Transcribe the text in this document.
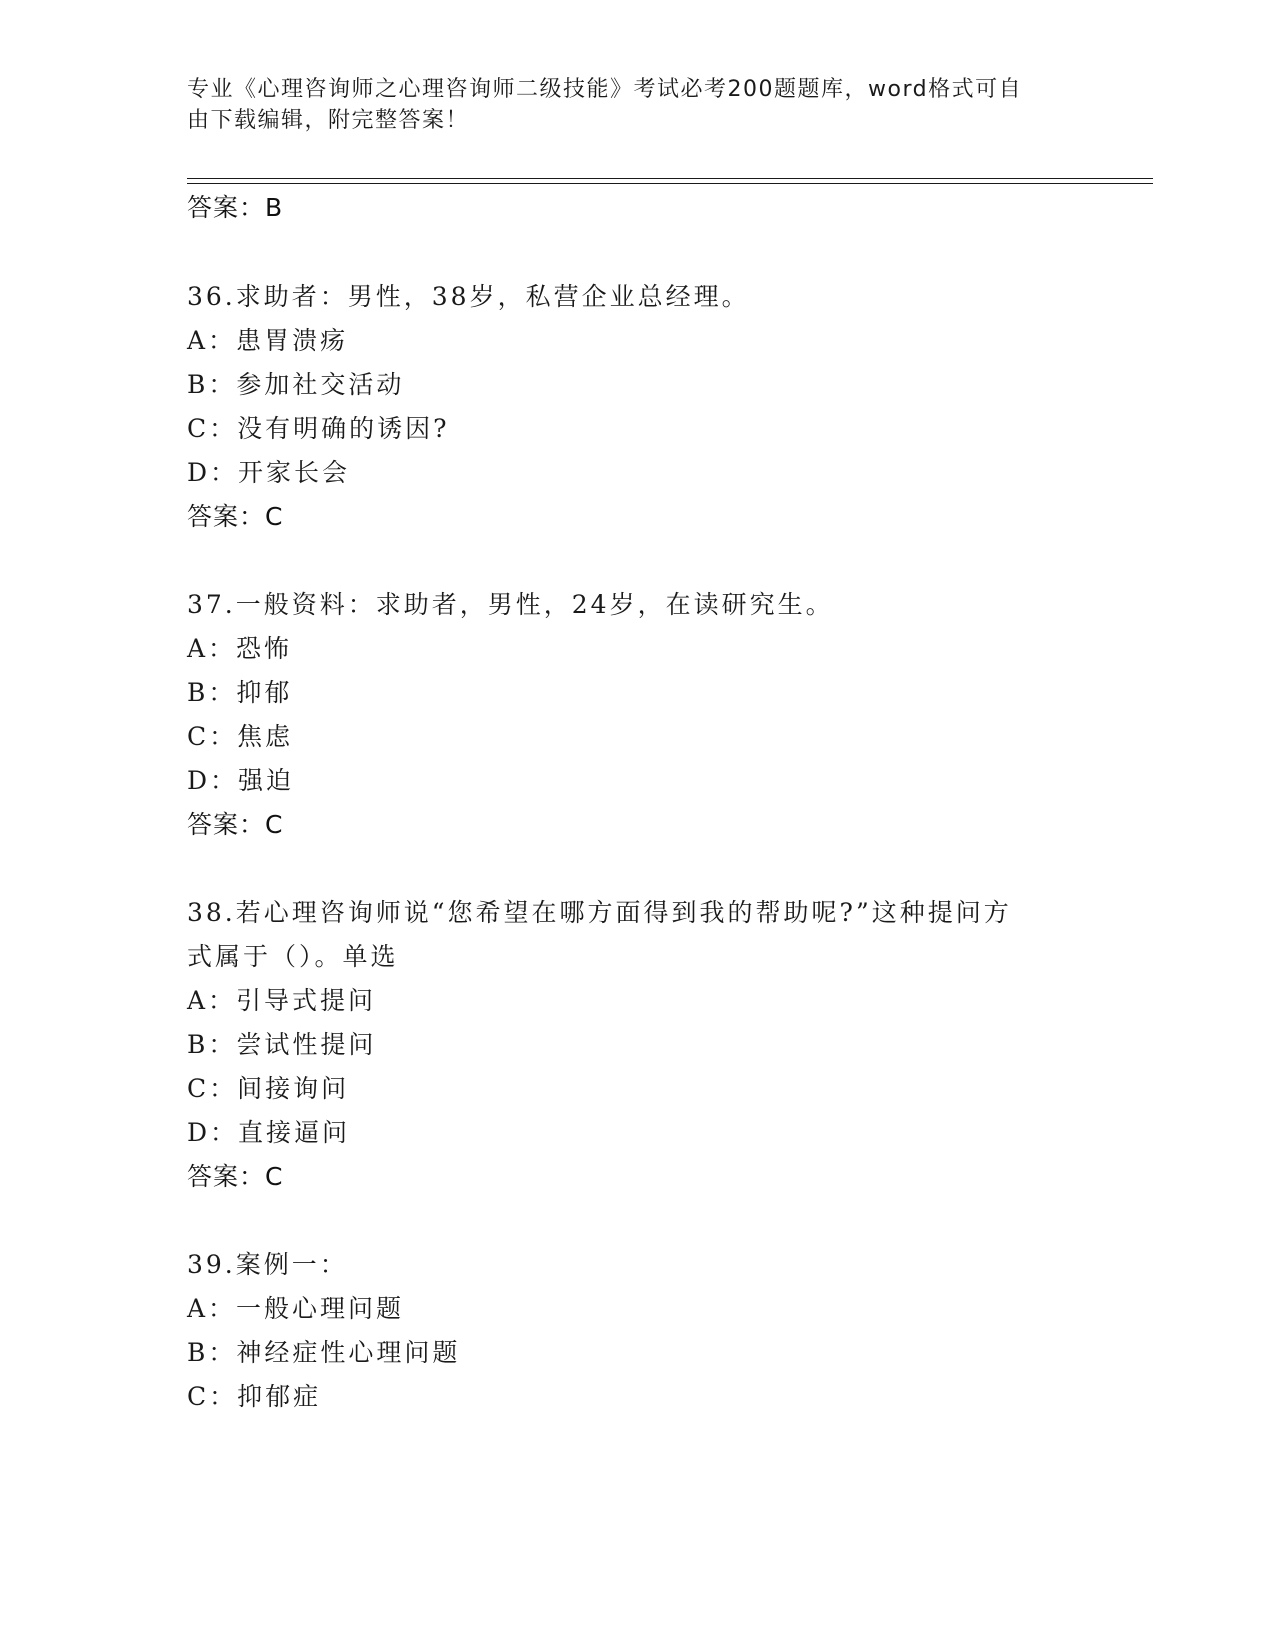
专业《心理咨询师之心理咨询师二级技能》考试必考200题题库，word格式可自
由下载编辑，附完整答案！
答案：B
36.求助者：男性，38岁，私营企业总经理。
A：患胃溃疡
B：参加社交活动
C：没有明确的诱因?
D：开家长会
答案：C
37.一般资料：求助者，男性，24岁，在读研究生。
A：恐怖
B：抑郁
C：焦虑
D：强迫
答案：C
38.若心理咨询师说“您希望在哪方面得到我的帮助呢?”这种提问方
式属于（）。单选
A：引导式提问
B：尝试性提问
C：间接询问
D：直接逼问
答案：C
39.案例一：
A：一般心理问题
B：神经症性心理问题
C：抑郁症
